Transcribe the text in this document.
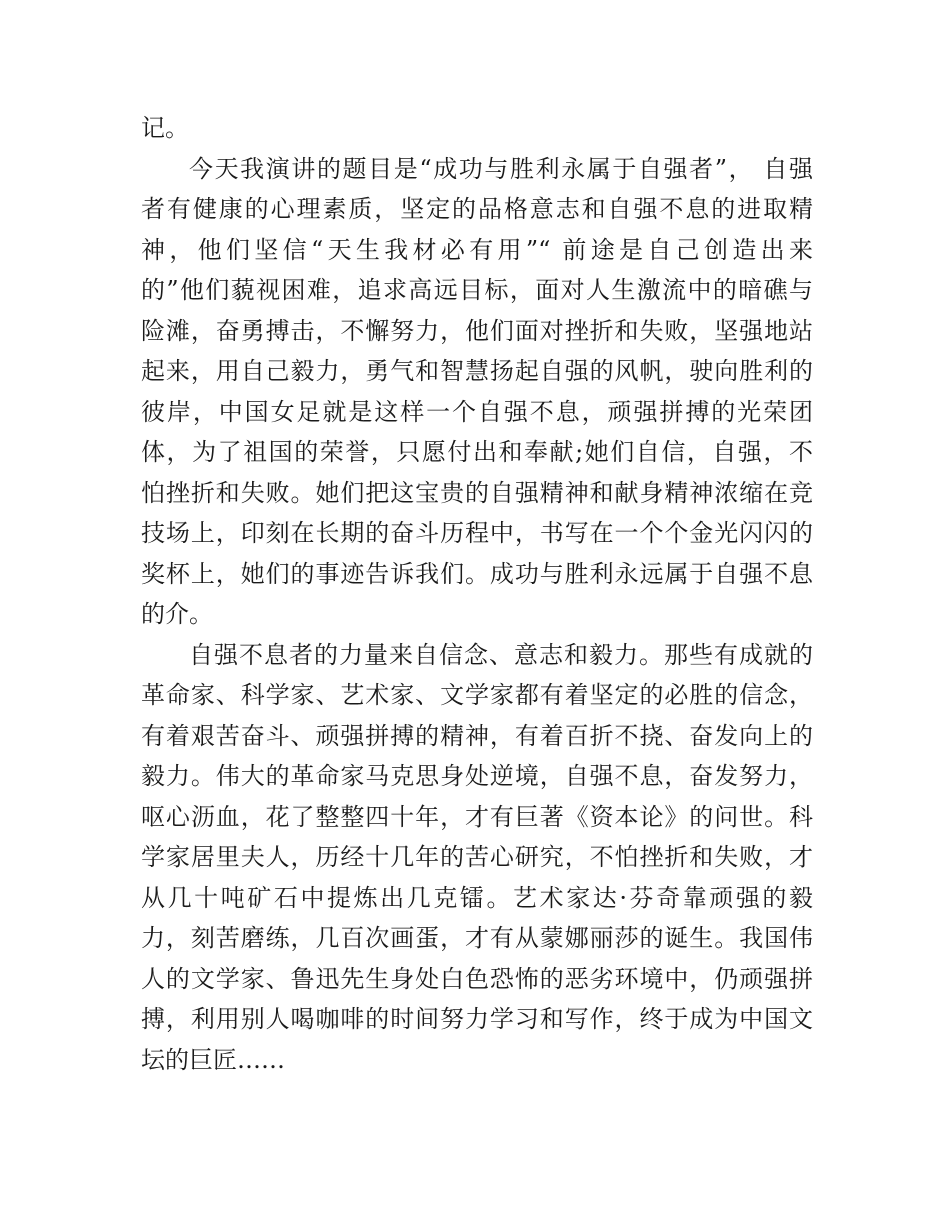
记。
今天我演讲的题目是“成功与胜利永属于自强者”， 自强
者有健康的心理素质，坚定的品格意志和自强不息的进取精
神，他们坚信“天生我材必有用”“ 前途是自己创造出来
的”他们藐视困难，追求高远目标，面对人生激流中的暗礁与
险滩，奋勇搏击，不懈努力，他们面对挫折和失败，坚强地站
起来，用自己毅力，勇气和智慧扬起自强的风帆，驶向胜利的
彼岸，中国女足就是这样一个自强不息，顽强拼搏的光荣团
体，为了祖国的荣誉，只愿付出和奉献;她们自信，自强，不
怕挫折和失败。她们把这宝贵的自强精神和献身精神浓缩在竞
技场上，印刻在长期的奋斗历程中，书写在一个个金光闪闪的
奖杯上，她们的事迹告诉我们。成功与胜利永远属于自强不息
的介。
自强不息者的力量来自信念、意志和毅力。那些有成就的
革命家、科学家、艺术家、文学家都有着坚定的必胜的信念，
有着艰苦奋斗、顽强拼搏的精神，有着百折不挠、奋发向上的
毅力。伟大的革命家马克思身处逆境，自强不息，奋发努力，
呕心沥血，花了整整四十年，才有巨著《资本论》的问世。科
学家居里夫人，历经十几年的苦心研究，不怕挫折和失败，才
从几十吨矿石中提炼出几克镭。艺术家达·芬奇靠顽强的毅
力，刻苦磨练，几百次画蛋，才有从蒙娜丽莎的诞生。我国伟
人的文学家、鲁迅先生身处白色恐怖的恶劣环境中，仍顽强拼
搏，利用别人喝咖啡的时间努力学习和写作，终于成为中国文
坛的巨匠……
